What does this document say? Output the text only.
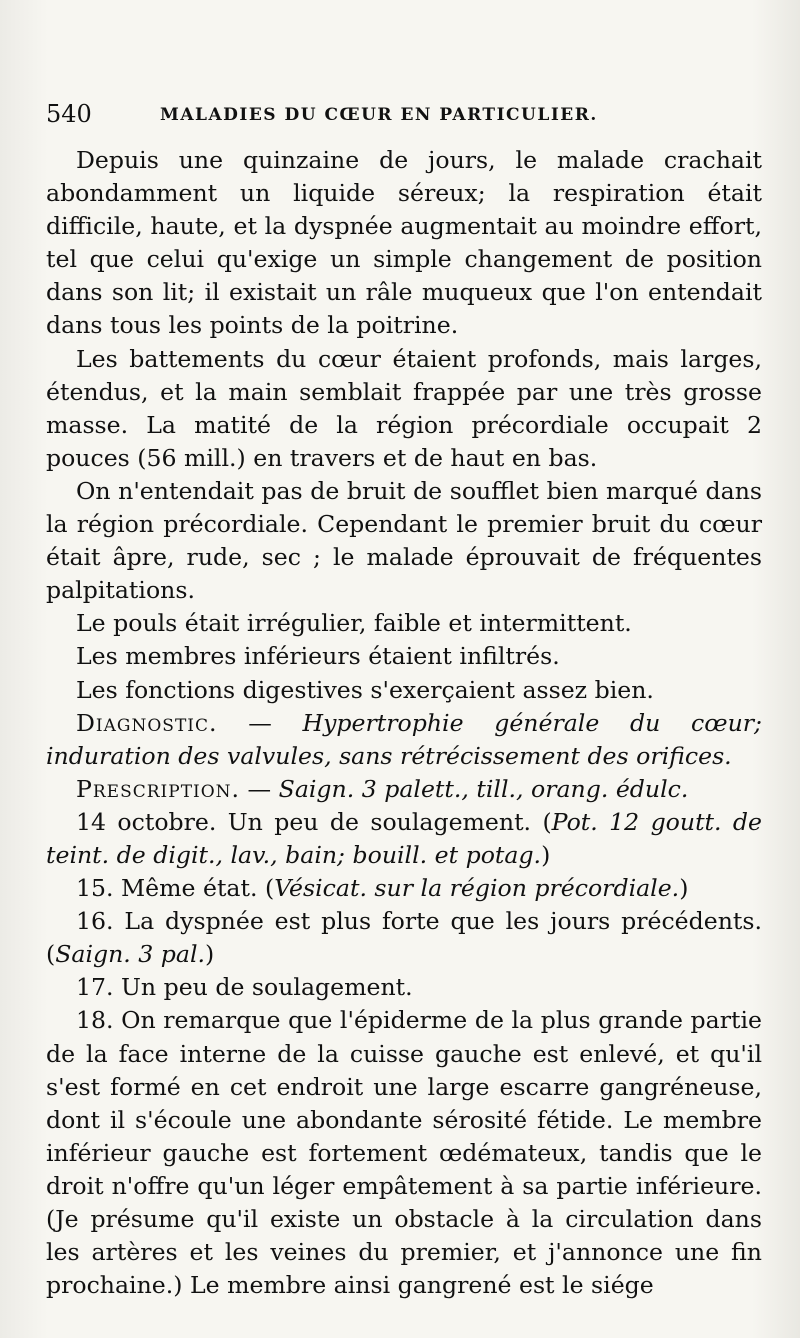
540	MALADIES DU CŒUR EN PARTICULIER.

Depuis une quinzaine de jours, le malade crachait abondamment un liquide séreux; la respiration était difficile, haute, et la dyspnée augmentait au moindre effort, tel que celui qu'exige un simple changement de position dans son lit; il existait un râle muqueux que l'on entendait dans tous les points de la poitrine.

Les battements du cœur étaient profonds, mais larges, étendus, et la main semblait frappée par une très grosse masse. La matité de la région précordiale occupait 2 pouces (56 mill.) en travers et de haut en bas.

On n'entendait pas de bruit de soufflet bien marqué dans la région précordiale. Cependant le premier bruit du cœur était âpre, rude, sec ; le malade éprouvait de fréquentes palpitations.

Le pouls était irrégulier, faible et intermittent.

Les membres inférieurs étaient infiltrés.

Les fonctions digestives s'exerçaient assez bien.

Diagnostic. — Hypertrophie générale du cœur; induration des valvules, sans rétrécissement des orifices.

Prescription. — Saign. 3 palett., till., orang. édulc.

14 octobre. Un peu de soulagement. (Pot. 12 goutt. de teint. de digit., lav., bain; bouill. et potag.)

15. Même état. (Vésicat. sur la région précordiale.)

16. La dyspnée est plus forte que les jours précédents. (Saign. 3 pal.)

17. Un peu de soulagement.

18. On remarque que l'épiderme de la plus grande partie de la face interne de la cuisse gauche est enlevé, et qu'il s'est formé en cet endroit une large escarre gangréneuse, dont il s'écoule une abondante sérosité fétide. Le membre inférieur gauche est fortement œdémateux, tandis que le droit n'offre qu'un léger empâtement à sa partie inférieure. (Je présume qu'il existe un obstacle à la circulation dans les artères et les veines du premier, et j'annonce une fin prochaine.) Le membre ainsi gangrené est le siége
